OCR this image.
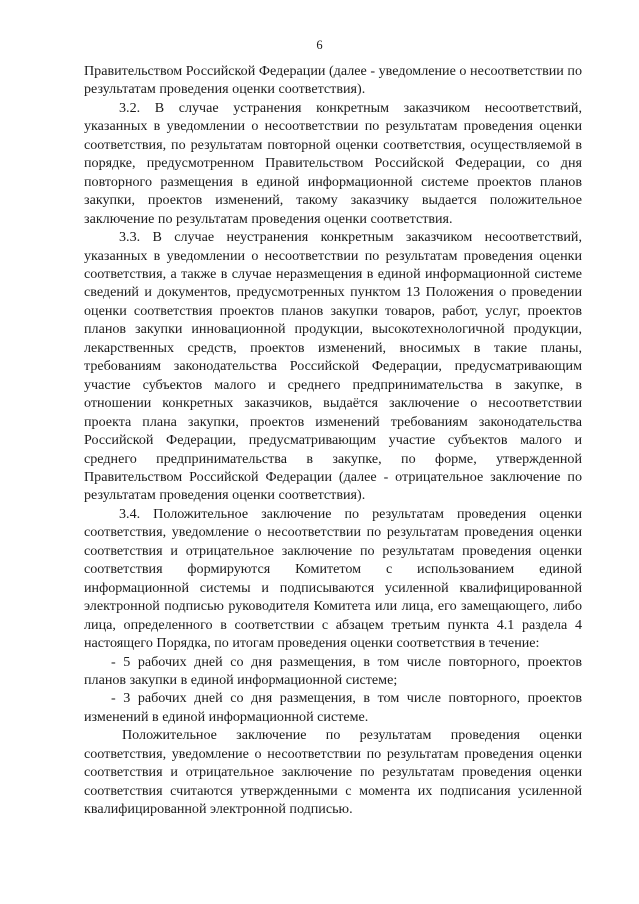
6

Правительством Российской Федерации (далее - уведомление о несоответствии по результатам проведения оценки соответствия).

3.2. В случае устранения конкретным заказчиком несоответствий, указанных в уведомлении о несоответствии по результатам проведения оценки соответствия, по результатам повторной оценки соответствия, осуществляемой в порядке, предусмотренном Правительством Российской Федерации, со дня повторного размещения в единой информационной системе проектов планов закупки, проектов изменений, такому заказчику выдается положительное заключение по результатам проведения оценки соответствия.

3.3. В случае неустранения конкретным заказчиком несоответствий, указанных в уведомлении о несоответствии по результатам проведения оценки соответствия, а также в случае неразмещения в единой информационной системе сведений и документов, предусмотренных пунктом 13 Положения о проведении оценки соответствия проектов планов закупки товаров, работ, услуг, проектов планов закупки инновационной продукции, высокотехнологичной продукции, лекарственных средств, проектов изменений, вносимых в такие планы, требованиям законодательства Российской Федерации, предусматривающим участие субъектов малого и среднего предпринимательства в закупке, в отношении конкретных заказчиков, выдаётся заключение о несоответствии проекта плана закупки, проектов изменений требованиям законодательства Российской Федерации, предусматривающим участие субъектов малого и среднего предпринимательства в закупке, по форме, утвержденной Правительством Российской Федерации (далее - отрицательное заключение по результатам проведения оценки соответствия).

3.4. Положительное заключение по результатам проведения оценки соответствия, уведомление о несоответствии по результатам проведения оценки соответствия и отрицательное заключение по результатам проведения оценки соответствия формируются Комитетом с использованием единой информационной системы и подписываются усиленной квалифицированной электронной подписью руководителя Комитета или лица, его замещающего, либо лица, определенного в соответствии с абзацем третьим пункта 4.1 раздела 4 настоящего Порядка, по итогам проведения оценки соответствия в течение:

- 5 рабочих дней со дня размещения, в том числе повторного, проектов планов закупки в единой информационной системе;

- 3 рабочих дней со дня размещения, в том числе повторного, проектов изменений в единой информационной системе.

Положительное заключение по результатам проведения оценки соответствия, уведомление о несоответствии по результатам проведения оценки соответствия и отрицательное заключение по результатам проведения оценки соответствия считаются утвержденными с момента их подписания усиленной квалифицированной электронной подписью.
